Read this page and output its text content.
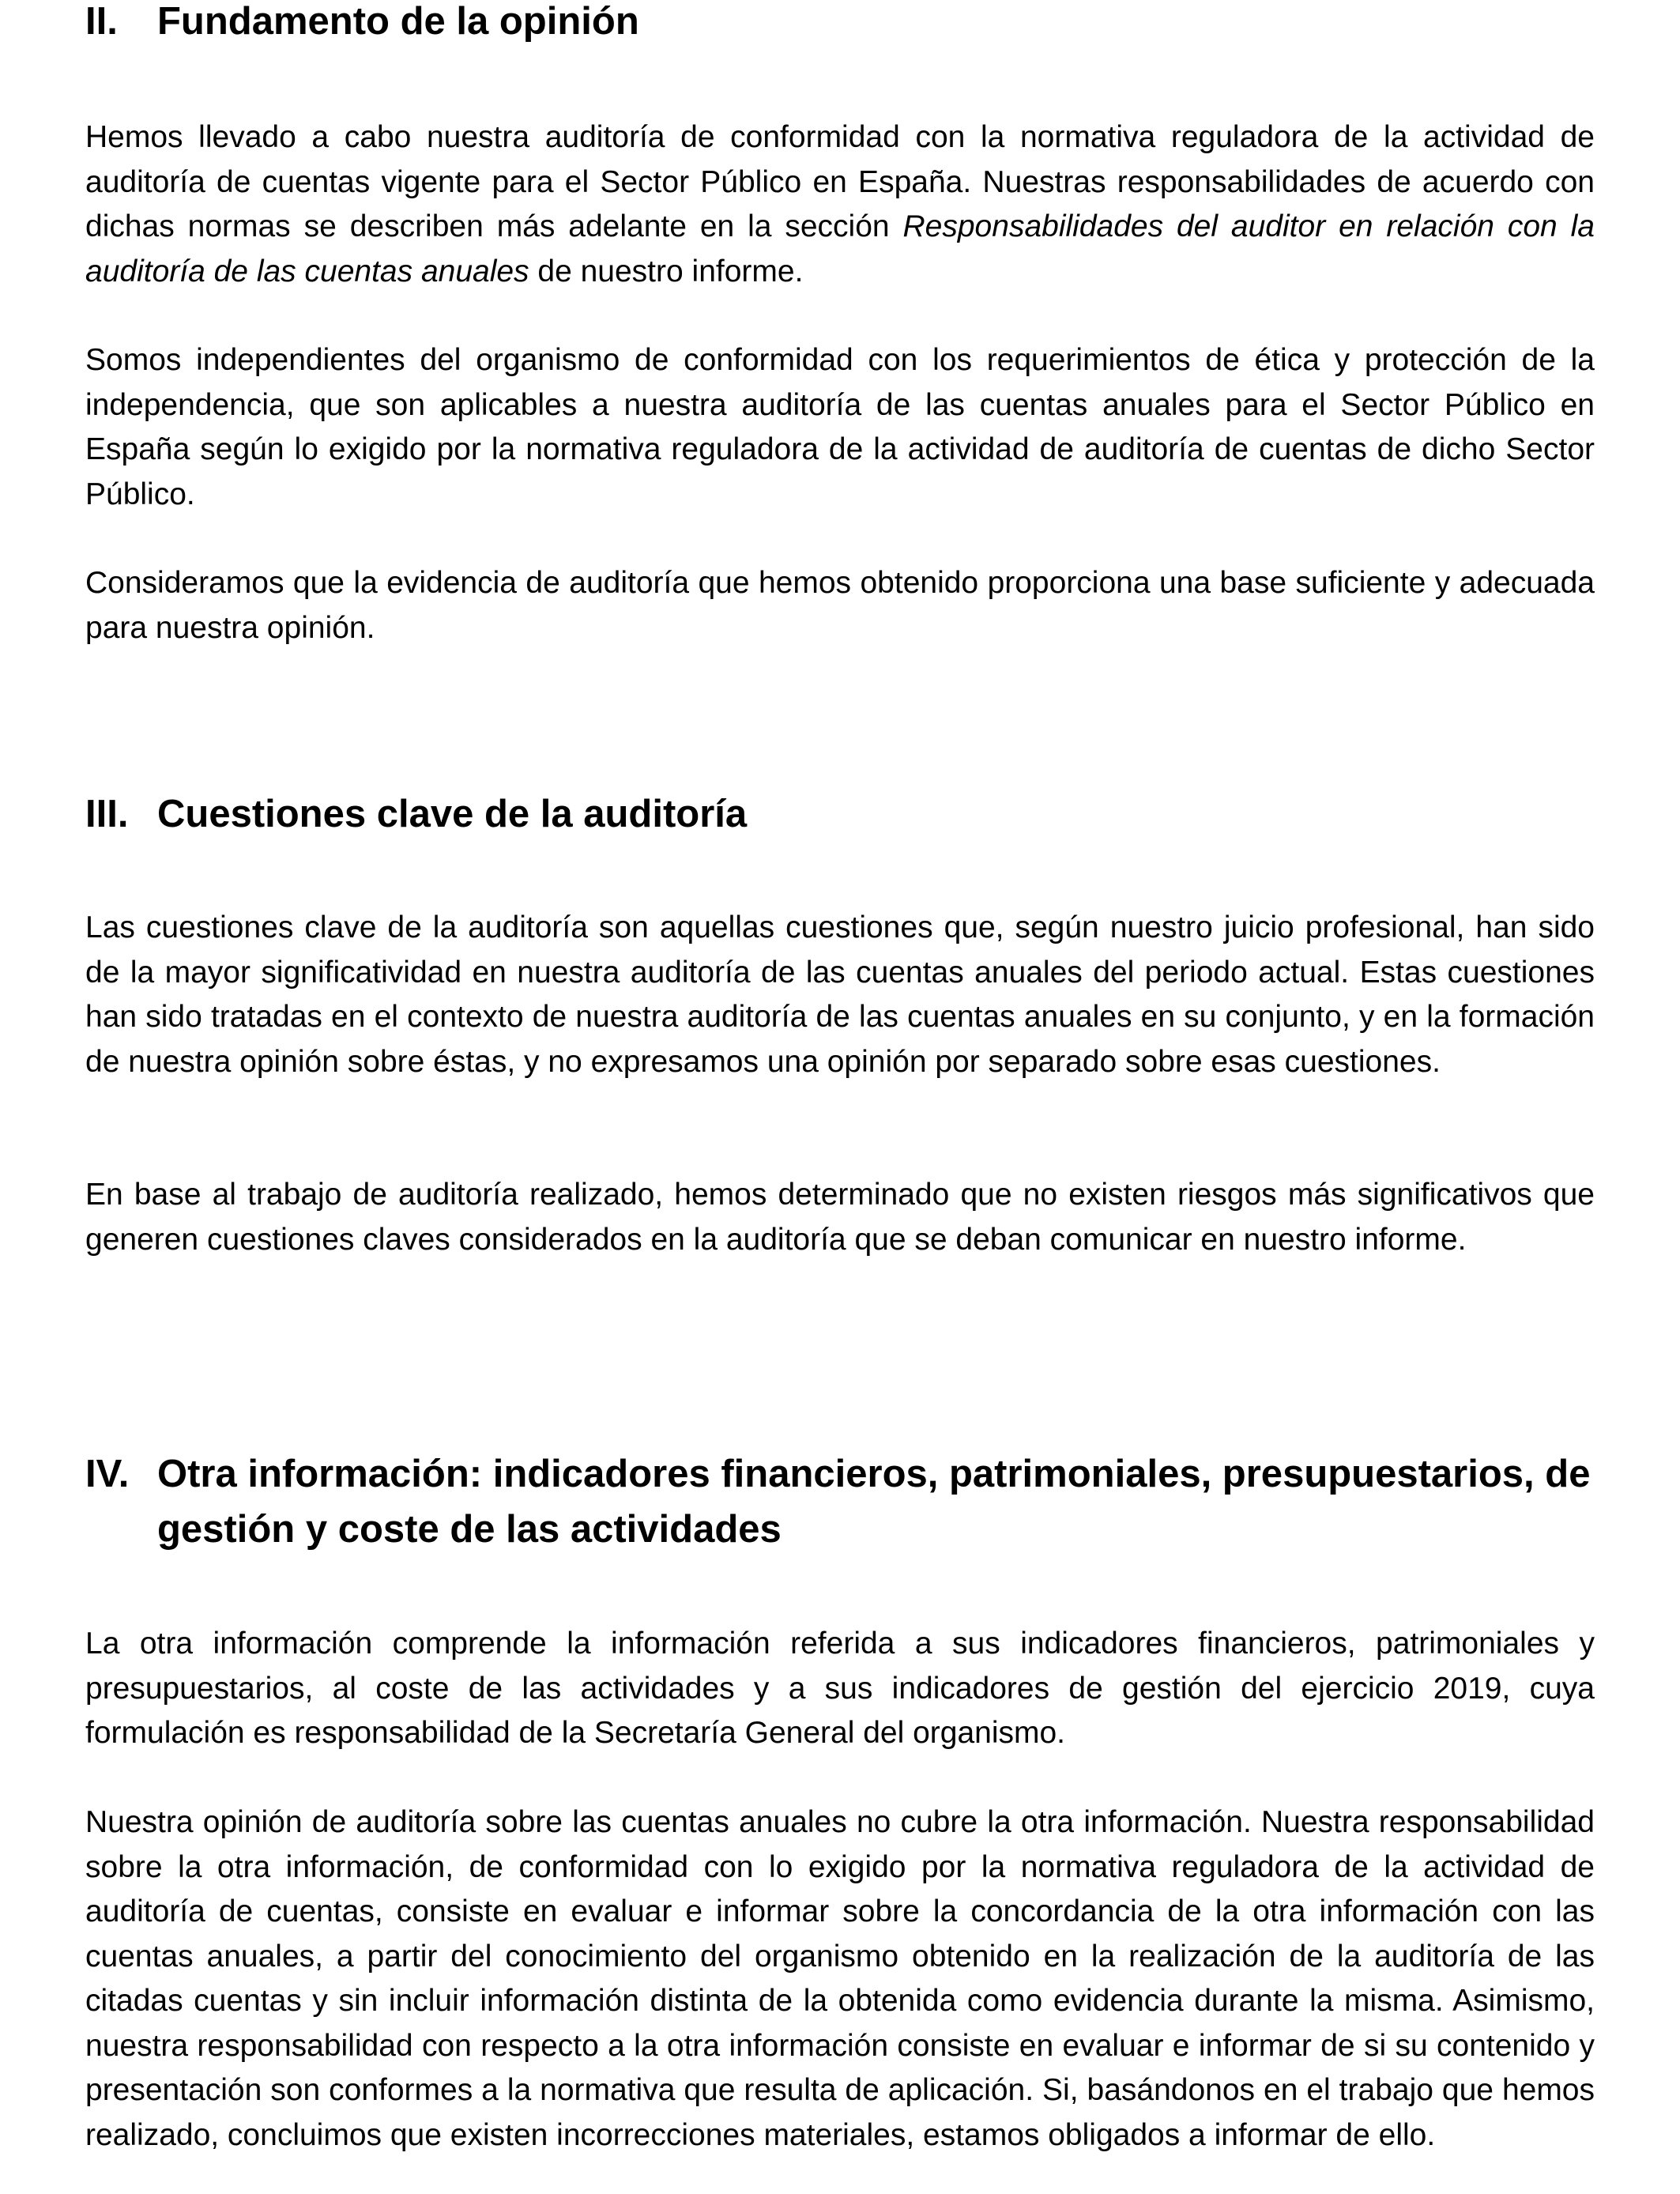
II.	Fundamento de la opinión

Hemos llevado a cabo nuestra auditoría de conformidad con la normativa reguladora de la actividad de auditoría de cuentas vigente para el Sector Público en España. Nuestras responsabilidades de acuerdo con dichas normas se describen más adelante en la sección Responsabilidades del auditor en relación con la auditoría de las cuentas anuales de nuestro informe.

Somos independientes del organismo de conformidad con los requerimientos de ética y protección de la independencia, que son aplicables a nuestra auditoría de las cuentas anuales para el Sector Público en España según lo exigido por la normativa reguladora de la actividad de auditoría de cuentas de dicho Sector Público.

Consideramos que la evidencia de auditoría que hemos obtenido proporciona una base suficiente y adecuada para nuestra opinión.

III. Cuestiones clave de la auditoría

Las cuestiones clave de la auditoría son aquellas cuestiones que, según nuestro juicio profesional, han sido de la mayor significatividad en nuestra auditoría de las cuentas anuales del periodo actual. Estas cuestiones han sido tratadas en el contexto de nuestra auditoría de las cuentas anuales en su conjunto, y en la formación de nuestra opinión sobre éstas, y no expresamos una opinión por separado sobre esas cuestiones.

En base al trabajo de auditoría realizado, hemos determinado que no existen riesgos más significativos que generen cuestiones claves considerados en la auditoría que se deban comunicar en nuestro informe.

IV. Otra información: indicadores financieros, patrimoniales, presupuestarios, de gestión y coste de las actividades

La otra información comprende la información referida a sus indicadores financieros, patrimoniales y presupuestarios, al coste de las actividades y a sus indicadores de gestión del ejercicio 2019, cuya formulación es responsabilidad de la Secretaría General del organismo.

Nuestra opinión de auditoría sobre las cuentas anuales no cubre la otra información. Nuestra responsabilidad sobre la otra información, de conformidad con lo exigido por la normativa reguladora de la actividad de auditoría de cuentas, consiste en evaluar e informar sobre la concordancia de la otra información con las cuentas anuales, a partir del conocimiento del organismo obtenido en la realización de la auditoría de las citadas cuentas y sin incluir información distinta de la obtenida como evidencia durante la misma. Asimismo, nuestra responsabilidad con respecto a la otra información consiste en evaluar e informar de si su contenido y presentación son conformes a la normativa que resulta de aplicación. Si, basándonos en el trabajo que hemos realizado, concluimos que existen incorrecciones materiales, estamos obligados a informar de ello.
